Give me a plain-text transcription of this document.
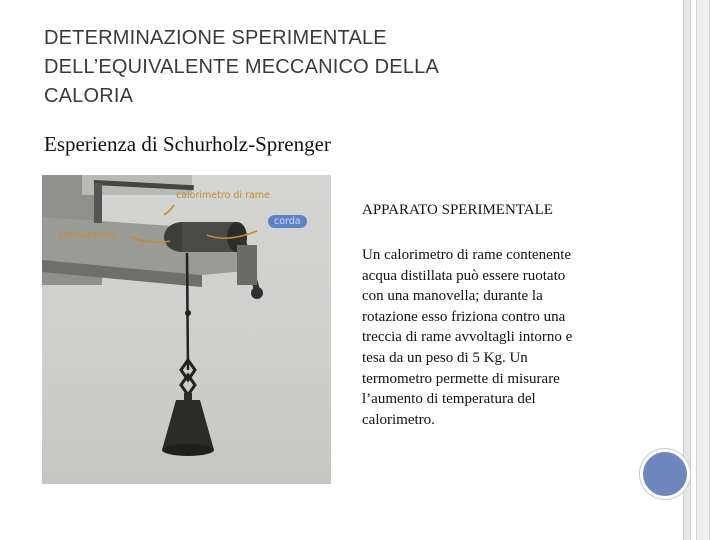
DETERMINAZIONE SPERIMENTALE
DELL’EQUIVALENTE MECCANICO DELLA
CALORIA

Esperienza di Schurholz-Sprenger

calorimetro di rame
termometro
corda

APPARATO SPERIMENTALE

Un calorimetro di rame contenente
acqua distillata può essere ruotato
con una manovella; durante la
rotazione esso friziona contro una
treccia di rame avvoltagli intorno e
tesa da un peso di 5 Kg. Un
termometro permette di misurare
l’aumento di temperatura del
calorimetro.
